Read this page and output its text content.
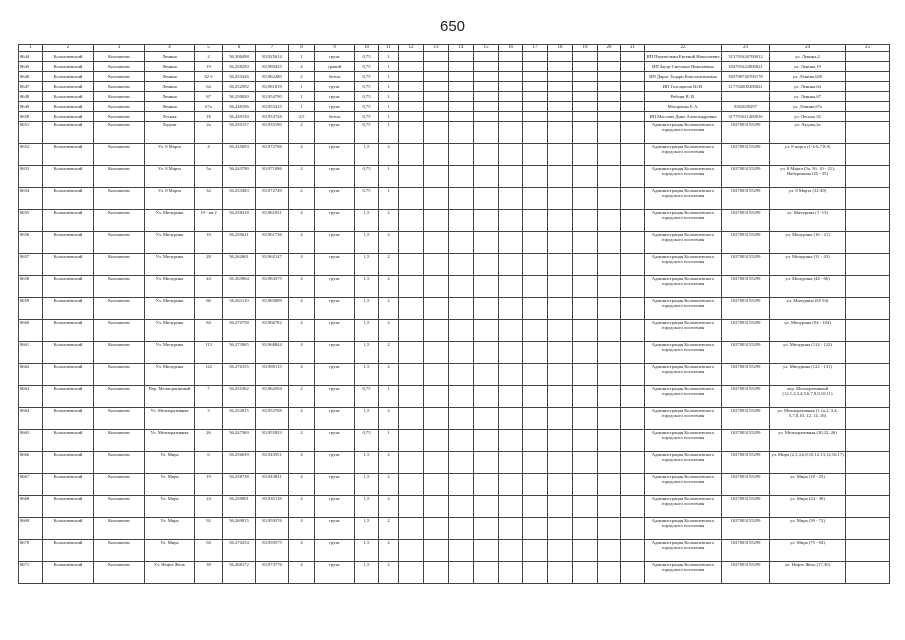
650
1	2	3	4	5	6	7	8	9	10	11	12	13	14	15	16	17	18	19	20	21	22	23	24	25
8644	Колпашевский	Колпашево	Ленина	2	56,306498	83,925614	1	грунт	0,75	1											ИП Перепёлкин Евгений Николаевич	313701626700012	ул. Ленина,2	
8645	Колпашевский	Колпашево	Ленина	19	56,258250	83,989425	4	гравий	0,75	1											ИП Зауэр Светлана Николаевна	304701622800021	ул. Ленина,19	
8646	Колпашевский	Колпашево	Ленина	62 б	56,253326	83,962280	2	бетон	0,75	1											ИП Дарье Тадари Константиновна	305700726700178	ул. Ленина,62б	
8647	Колпашевский	Колпашево	Ленина	64	56,252592	83,961819	1	грунт	0,75	1											ИП Голощапов Ю.В.	317702600200021	ул. Ленина,64	
8648	Колпашевский	Колпашево	Ленина	67	56,250820	83,954790	1	грунт	0,75	1											Рейзин В. В.		ул. Ленина,67	
8649	Колпашевский	Колпашево	Ленина	67а	56,248106	83,953415	1	грунт	0,75	1											Мазоренко Е.А.	0502639297	ул. Ленина,67а	
8650	Колпашевский	Колпашево	Лесная	1Б	56,249130	83,953728	4,5	бетон	0,75	1											ИП Маслова Дина Александровна	317701611400016	ул. Лесная 1Б	
8651	Колпашевский	Колпашево	Ладова	2а	56,250157	83,935190	2	грунт	0,75	1											Администрация Колпашевского городского поселения	1027003155299	ул. Ладова,2а	
8652	Колпашевский	Колпашево	Ул. 8 Марта	4	56,245693	83,972706	4	грунт	1,5	2											Администрация Колпашевского городского поселения	1027003155299	ул. 8 марта (1-4-6,7,8,9)	
8653	Колпашевский	Колпашево	Ул. 8 Марта	5а	56,243790	83,971086	2	грунт	0,75	1											Администрация Колпашевского городского поселения	1027003155299	ул. 8 Марта (5а, 5б, 10 - 21), Набережная (25 - 35)	
8654	Колпашевский	Колпашево	Ул. 8 Марта	32	56,253383	83,972749	2	грунт	0,75	1											Администрация Колпашевского городского поселения	1027003155299	ул. 8 Марта (32-49)	
8655	Колпашевский	Колпашево	Ул. Мичурина	19 - кв.2	56,258418	83,961831	4	грунт	1,5	2											Администрация Колпашевского городского поселения	1027003155299	ул. Мичурина (1 -15)	
8656	Колпашевский	Колпашево	Ул. Мичурина	16	56,259621	83,961736	4	грунт	1,5	2											Администрация Колпашевского городского поселения	1027003155299	ул. Мичурина (16 - 21)	
8657	Колпашевский	Колпашево	Ул. Мичурина	28	56,262601	83,962147	4	грунт	1,5	2											Администрация Колпашевского городского поселения	1027003155299	ул. Мичурина (31 - 43)	
8658	Колпашевский	Колпашево	Ул. Мичурина	44	56,263964	83,963575	4	грунт	1,5	2											Администрация Колпашевского городского поселения	1027003155299	ул. Мичурина (44 - 66)	
8659	Колпашевский	Колпашево	Ул. Мичурина	66	56,263110	83,965089	4	грунт	1,5	2											Администрация Колпашевского городского поселения	1027003155299	ул. Мичурина (65 94)	
8660	Колпашевский	Колпашево	Ул. Мичурина	84	56,270758	83,966782	4	грунт	1,5	2											Администрация Колпашевского городского поселения	1027003155299	ул. Мичурина (94 - 104)	
8661	Колпашевский	Колпашево	Ул. Мичурина	113	56,273965	83,968844	4	грунт	1,5	2											Администрация Колпашевского городского поселения	1027003155299	ул. Мичурина (114 - 122)	
8662	Колпашевский	Колпашево	Ул. Мичурина	122	56,276155	83,969115	4	грунт	1,5	2											Администрация Колпашевского городского поселения	1027003155299	ул. Мичурина (122 - 131)	
8663	Колпашевский	Колпашево	Пер. Мелиоративный	7	56,255362	83,962594	2	грунт	0,75	1											Администрация Колпашевского городского поселения	1027003155299	пер. Мелиоративный (12,1,2,3,4,5,6,7,8,9,10,11)	
8664	Колпашевский	Колпашево	Ул. Мелиоративная	3	56,252815	83,953708	4	грунт	1,5	2											Администрация Колпашевского городского поселения	1027003155299	ул. Мелиоративная (1,1а,2, 3,4, 5,7,8,10, 12, 14, 16)	
8665	Колпашевский	Колпашево	Ул. Мелиоративная	26	56,247569	83,955833	2	грунт	0,75	1											Администрация Колпашевского городского поселения	1027003155299	ул. Мелиоративная (20,22, 26)	
8666	Колпашевский	Колпашево	Ул. Мира	6	56,256639	83,943551	4	грунт	1,5	2											Администрация Колпашевского городского поселения	1027003155299	ул. Мира (2,3,4,6,8,10,12,13,14,16,17)	
8667	Колпашевский	Колпашево	Ул. Мира	19	56,258738	83,943831	4	грунт	1,5	2											Администрация Колпашевского городского поселения	1027003155299	ул. Мира (18 - 23)	
8668	Колпашевский	Колпашево	Ул. Мира	24	56,259901	83,945118	4	грунт	1,5	2											Администрация Колпашевского городского поселения	1027003155299	ул. Мира (24 - 38)	
8669	Колпашевский	Колпашево	Ул. Мира	92	56,269815	83,959376	4	грунт	1,5	2											Администрация Колпашевского городского поселения	1027003155299	ул. Мира (39 - 72)	
8670	Колпашевский	Колпашево	Ул. Мира	94	56,270254	83,959575	4	грунт	1,5	2											Администрация Колпашевского городского поселения	1027003155299	ул. Мира (75 - 94)	
8671	Колпашевский	Колпашево	Ул. Нефте Жель	39	56,268172	83,973776	4	грунт	1,5	2											Администрация Колпашевского городского поселения	1027003155299	ул. Нефте Жель (17,36)	
